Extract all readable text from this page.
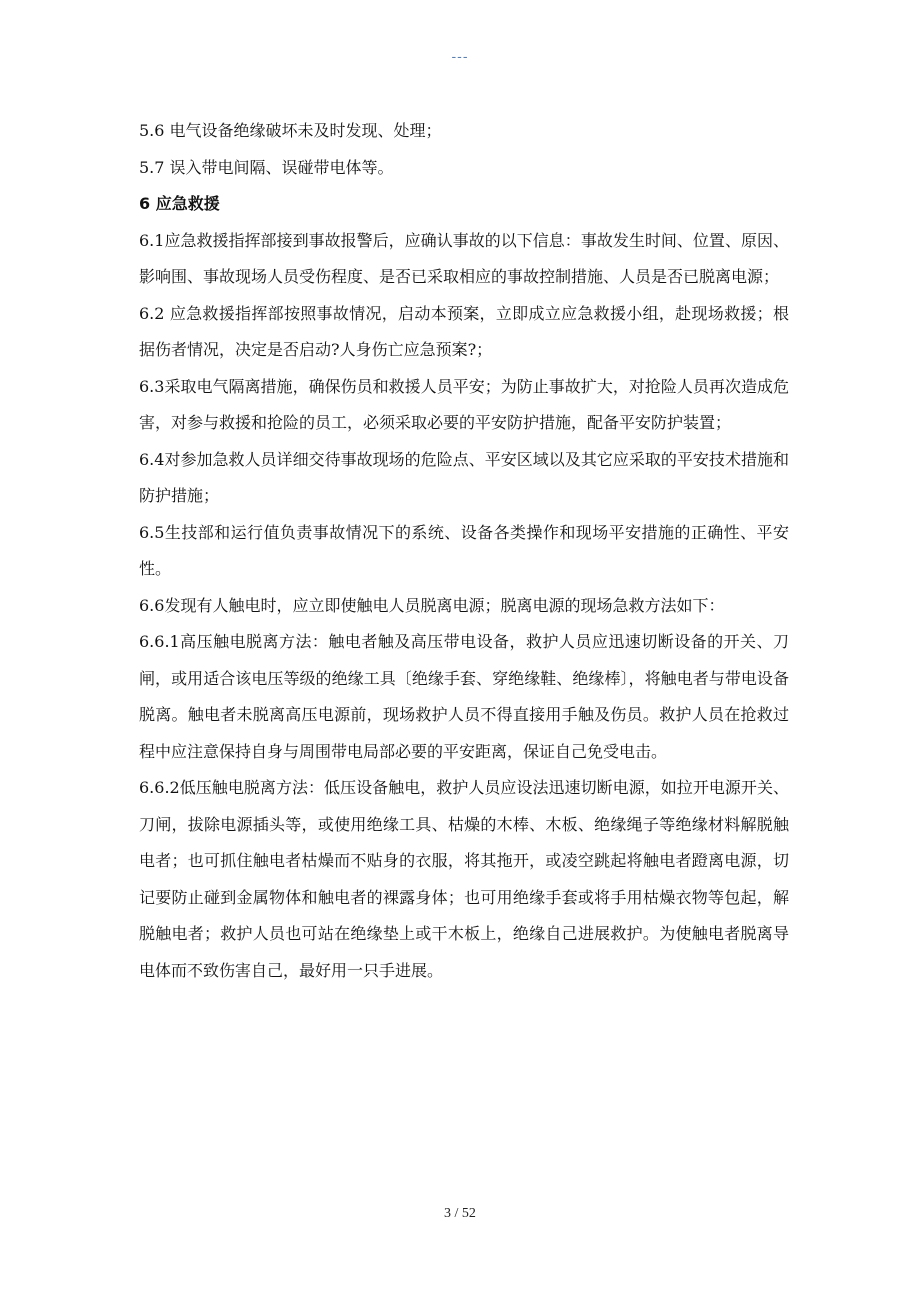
---

5.6 电气设备绝缘破坏未及时发现、处理；

5.7 误入带电间隔、误碰带电体等。

6 应急救援

6.1应急救援指挥部接到事故报警后，应确认事故的以下信息：事故发生时间、位置、原因、影响围、事故现场人员受伤程度、是否已采取相应的事故控制措施、人员是否已脱离电源；

6.2 应急救援指挥部按照事故情况，启动本预案，立即成立应急救援小组，赴现场救援；根据伤者情况，决定是否启动?人身伤亡应急预案?；

6.3采取电气隔离措施，确保伤员和救援人员平安；为防止事故扩大，对抢险人员再次造成危害，对参与救援和抢险的员工，必须采取必要的平安防护措施，配备平安防护装置；

6.4对参加急救人员详细交待事故现场的危险点、平安区域以及其它应采取的平安技术措施和防护措施；

6.5生技部和运行值负责事故情况下的系统、设备各类操作和现场平安措施的正确性、平安性。

6.6发现有人触电时，应立即使触电人员脱离电源；脱离电源的现场急救方法如下：

6.6.1高压触电脱离方法：触电者触及高压带电设备，救护人员应迅速切断设备的开关、刀闸，或用适合该电压等级的绝缘工具〔绝缘手套、穿绝缘鞋、绝缘棒〕，将触电者与带电设备脱离。触电者未脱离高压电源前，现场救护人员不得直接用手触及伤员。救护人员在抢救过程中应注意保持自身与周围带电局部必要的平安距离，保证自己免受电击。

6.6.2低压触电脱离方法：低压设备触电，救护人员应设法迅速切断电源，如拉开电源开关、刀闸，拔除电源插头等，或使用绝缘工具、枯燥的木棒、木板、绝缘绳子等绝缘材料解脱触电者；也可抓住触电者枯燥而不贴身的衣服，将其拖开，或凌空跳起将触电者蹬离电源，切记要防止碰到金属物体和触电者的裸露身体；也可用绝缘手套或将手用枯燥衣物等包起，解脱触电者；救护人员也可站在绝缘垫上或干木板上，绝缘自己进展救护。为使触电者脱离导电体而不致伤害自己，最好用一只手进展。

3 / 52
